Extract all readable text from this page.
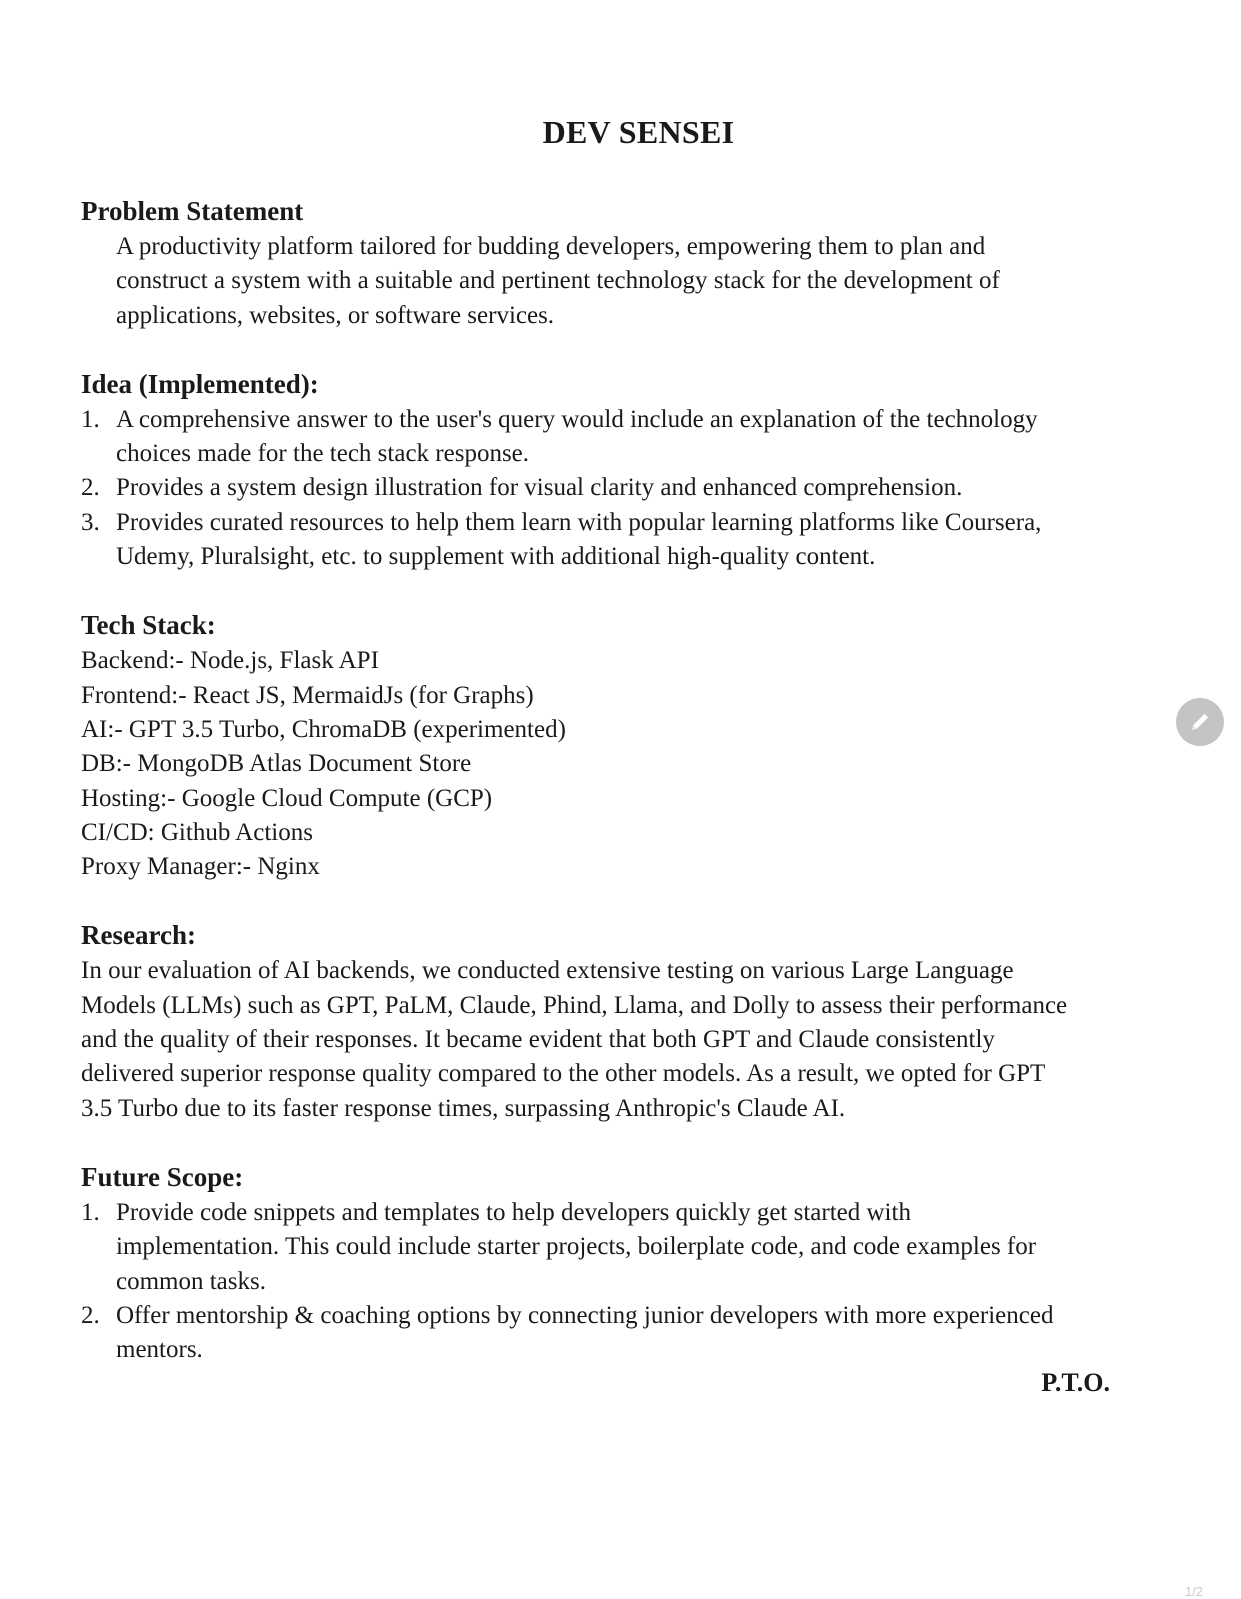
DEV SENSEI

Problem Statement

A productivity platform tailored for budding developers, empowering them to plan and

construct a system with a suitable and pertinent technology stack for the development of

applications, websites, or software services.

Idea (Implemented):

1. A comprehensive answer to the user's query would include an explanation of the technology
choices made for the tech stack response.
2. Provides a system design illustration for visual clarity and enhanced comprehension.
3. Provides curated resources to help them learn with popular learning platforms like Coursera,
Udemy, Pluralsight, etc. to supplement with additional high-quality content.

Tech Stack:

Backend:- Node.js, Flask API

Frontend:- React JS, MermaidJs (for Graphs)

AI:- GPT 3.5 Turbo, ChromaDB (experimented)

DB:- MongoDB Atlas Document Store

Hosting:- Google Cloud Compute (GCP)

CI/CD: Github Actions

Proxy Manager:- Nginx

Research:

In our evaluation of AI backends, we conducted extensive testing on various Large Language

Models (LLMs) such as GPT, PaLM, Claude, Phind, Llama, and Dolly to assess their performance

and the quality of their responses. It became evident that both GPT and Claude consistently

delivered superior response quality compared to the other models. As a result, we opted for GPT

3.5 Turbo due to its faster response times, surpassing Anthropic's Claude AI.

Future Scope:

1. Provide code snippets and templates to help developers quickly get started with
implementation. This could include starter projects, boilerplate code, and code examples for
common tasks.
2. Offer mentorship & coaching options by connecting junior developers with more experienced
mentors.

P.T.O.

1/2
